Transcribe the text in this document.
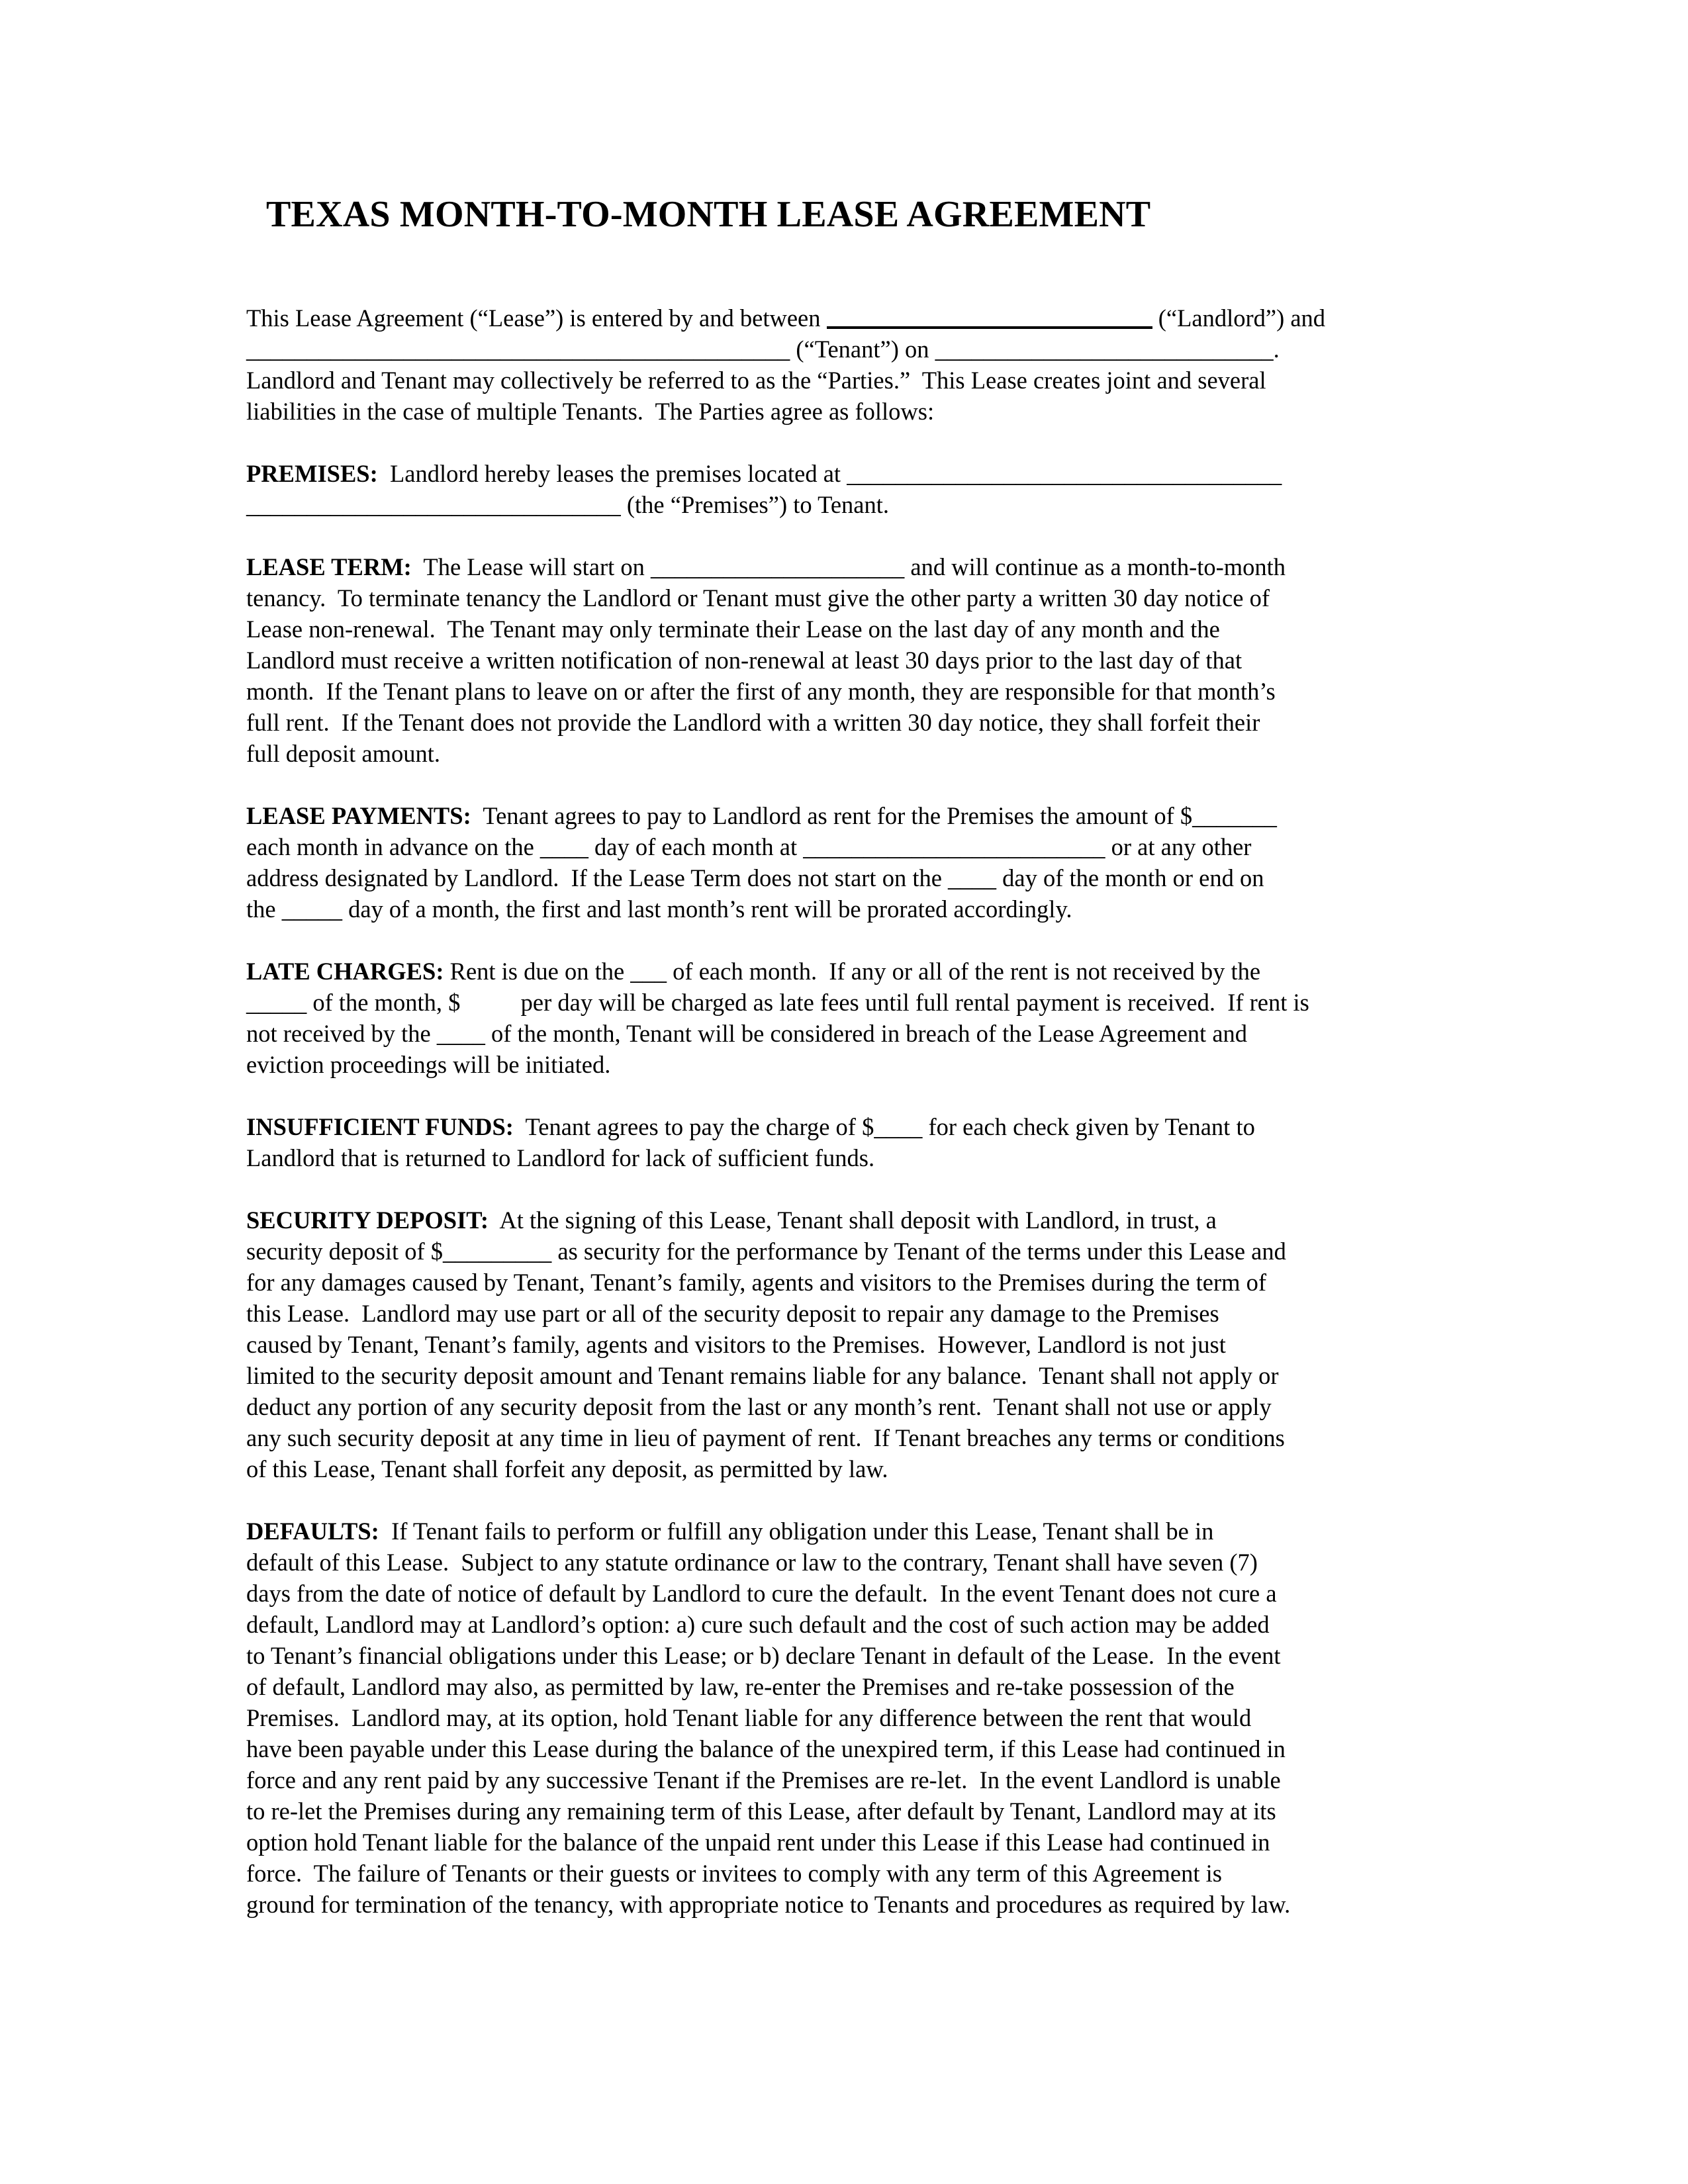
TEXAS MONTH-TO-MONTH LEASE AGREEMENT
This Lease Agreement (“Lease”) is entered by and between	(“Landlord”) and
_____________________________________________ (“Tenant”) on ____________________________.
Landlord and Tenant may collectively be referred to as the “Parties.”  This Lease creates joint and several
liabilities in the case of multiple Tenants.  The Parties agree as follows:
PREMISES:  Landlord hereby leases the premises located at ____________________________________
_______________________________ (the “Premises”) to Tenant.
LEASE TERM:  The Lease will start on _____________________ and will continue as a month-to-month
tenancy.  To terminate tenancy the Landlord or Tenant must give the other party a written 30 day notice of
Lease non-renewal.  The Tenant may only terminate their Lease on the last day of any month and the
Landlord must receive a written notification of non-renewal at least 30 days prior to the last day of that
month.  If the Tenant plans to leave on or after the first of any month, they are responsible for that month’s
full rent.  If the Tenant does not provide the Landlord with a written 30 day notice, they shall forfeit their
full deposit amount.
LEASE PAYMENTS:  Tenant agrees to pay to Landlord as rent for the Premises the amount of $_______
each month in advance on the ____ day of each month at _________________________ or at any other
address designated by Landlord.  If the Lease Term does not start on the ____ day of the month or end on
the _____ day of a month, the first and last month’s rent will be prorated accordingly.
LATE CHARGES: Rent is due on the ___ of each month.  If any or all of the rent is not received by the
_____ of the month, $          per day will be charged as late fees until full rental payment is received.  If rent is
not received by the ____ of the month, Tenant will be considered in breach of the Lease Agreement and
eviction proceedings will be initiated.
INSUFFICIENT FUNDS:  Tenant agrees to pay the charge of $____ for each check given by Tenant to
Landlord that is returned to Landlord for lack of sufficient funds.
SECURITY DEPOSIT:  At the signing of this Lease, Tenant shall deposit with Landlord, in trust, a
security deposit of $_________ as security for the performance by Tenant of the terms under this Lease and
for any damages caused by Tenant, Tenant’s family, agents and visitors to the Premises during the term of
this Lease.  Landlord may use part or all of the security deposit to repair any damage to the Premises
caused by Tenant, Tenant’s family, agents and visitors to the Premises.  However, Landlord is not just
limited to the security deposit amount and Tenant remains liable for any balance.  Tenant shall not apply or
deduct any portion of any security deposit from the last or any month’s rent.  Tenant shall not use or apply
any such security deposit at any time in lieu of payment of rent.  If Tenant breaches any terms or conditions
of this Lease, Tenant shall forfeit any deposit, as permitted by law.
DEFAULTS:  If Tenant fails to perform or fulfill any obligation under this Lease, Tenant shall be in
default of this Lease.  Subject to any statute ordinance or law to the contrary, Tenant shall have seven (7)
days from the date of notice of default by Landlord to cure the default.  In the event Tenant does not cure a
default, Landlord may at Landlord’s option: a) cure such default and the cost of such action may be added
to Tenant’s financial obligations under this Lease; or b) declare Tenant in default of the Lease.  In the event
of default, Landlord may also, as permitted by law, re-enter the Premises and re-take possession of the
Premises.  Landlord may, at its option, hold Tenant liable for any difference between the rent that would
have been payable under this Lease during the balance of the unexpired term, if this Lease had continued in
force and any rent paid by any successive Tenant if the Premises are re-let.  In the event Landlord is unable
to re-let the Premises during any remaining term of this Lease, after default by Tenant, Landlord may at its
option hold Tenant liable for the balance of the unpaid rent under this Lease if this Lease had continued in
force.  The failure of Tenants or their guests or invitees to comply with any term of this Agreement is
ground for termination of the tenancy, with appropriate notice to Tenants and procedures as required by law.
